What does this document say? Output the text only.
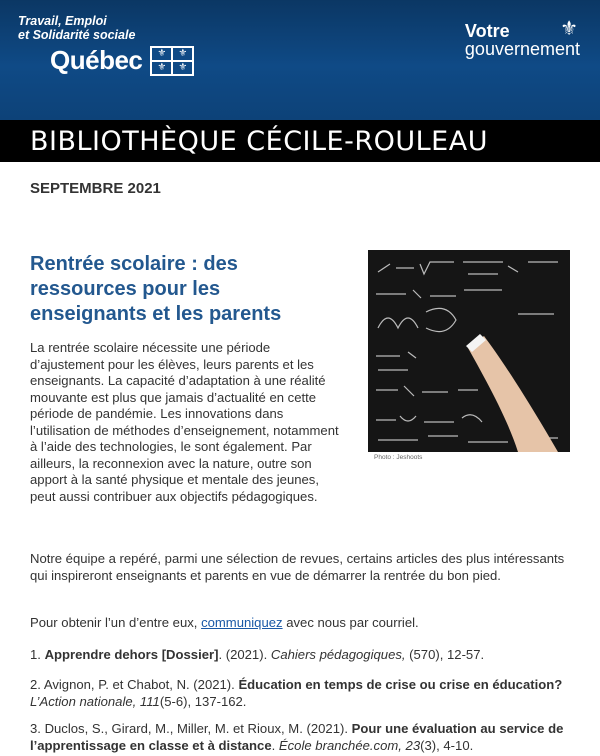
Travail, Emploi
et Solidarité sociale
Québec	⚜	⚜
⚜	⚜
⚜
Votre
gouvernement
BIBLIOTHÈQUE CÉCILE-ROULEAU
SEPTEMBRE 2021
Rentrée scolaire : des ressources pour les enseignants et les parents

La rentrée scolaire nécessite une période d’ajustement pour les élèves, leurs parents et les enseignants. La capacité d’adaptation à une réalité mouvante est plus que jamais d’actualité en cette période de pandémie. Les innovations dans l’utilisation de méthodes d’enseignement, notamment à l’aide des technologies, le sont également. Par ailleurs, la reconnexion avec la nature, outre son apport à la santé physique et mentale des jeunes, peut aussi contribuer aux objectifs pédagogiques.

Photo : Jeshoots

Notre équipe a repéré, parmi une sélection de revues, certains articles des plus intéressants qui inspireront enseignants et parents en vue de démarrer la rentrée du bon pied.

Pour obtenir l’un d’entre eux, communiquez avec nous par courriel.

1. Apprendre dehors [Dossier]. (2021). Cahiers pédagogiques, (570), 12-57.

2. Avignon, P. et Chabot, N. (2021). Éducation en temps de crise ou crise en éducation? L’Action nationale, 111(5-6), 137-162.

3. Duclos, S., Girard, M., Miller, M. et Rioux, M. (2021). Pour une évaluation au service de l’apprentissage en classe et à distance. École branchée.com, 23(3), 4-10.
